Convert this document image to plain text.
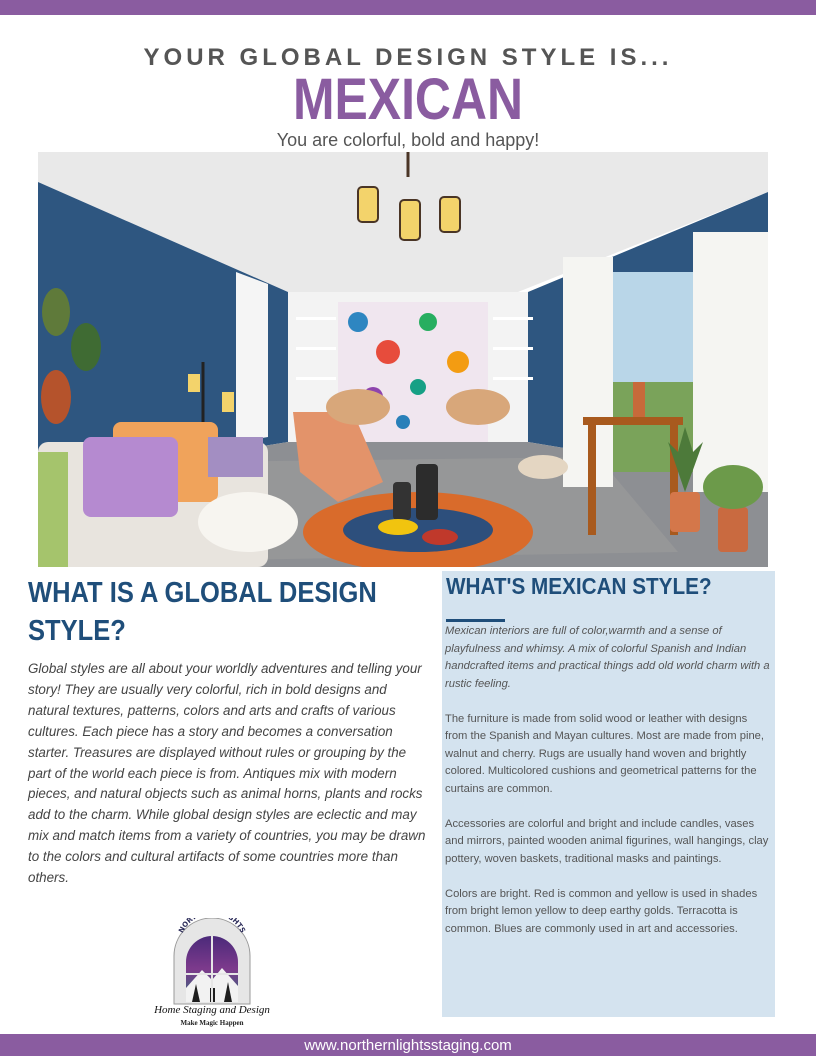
YOUR GLOBAL DESIGN STYLE IS...
MEXICAN
You are colorful, bold and happy!
WHAT IS A GLOBAL DESIGN STYLE?

Global styles are all about your worldly adventures and telling your story! They are usually very colorful, rich in bold designs and natural textures, patterns, colors and arts and crafts of various cultures. Each piece has a story and becomes a conversation starter. Treasures are displayed without rules or grouping by the part of the world each piece is from. Antiques mix with modern pieces, and natural objects such as animal horns, plants and rocks add to the charm. While global design styles are eclectic and may mix and match items from a variety of countries, you may be drawn to the colors and cultural artifacts of some countries more than others.

WHAT'S MEXICAN STYLE?

Mexican interiors are full of color,warmth and a sense of playfulness and whimsy. A mix of colorful Spanish and Indian handcrafted items and practical things add old world charm with a rustic feeling.

The furniture is made from solid wood or leather with designs from the Spanish and Mayan cultures. Most are made from pine, walnut and cherry. Rugs are usually hand woven and brightly colored. Multicolored cushions and geometrical patterns for the curtains are common.

Accessories are colorful and bright and include candles, vases and mirrors, painted wooden animal figurines, wall hangings, clay pottery, woven baskets, traditional masks and paintings.

Colors are bright. Red is common and yellow is used in shades from bright lemon yellow to deep earthy golds. Terracotta is common. Blues are commonly used in art and accessories.

NOR HTS
Home Staging and Design
Make Magic Happen
www.northernlightsstaging.com
